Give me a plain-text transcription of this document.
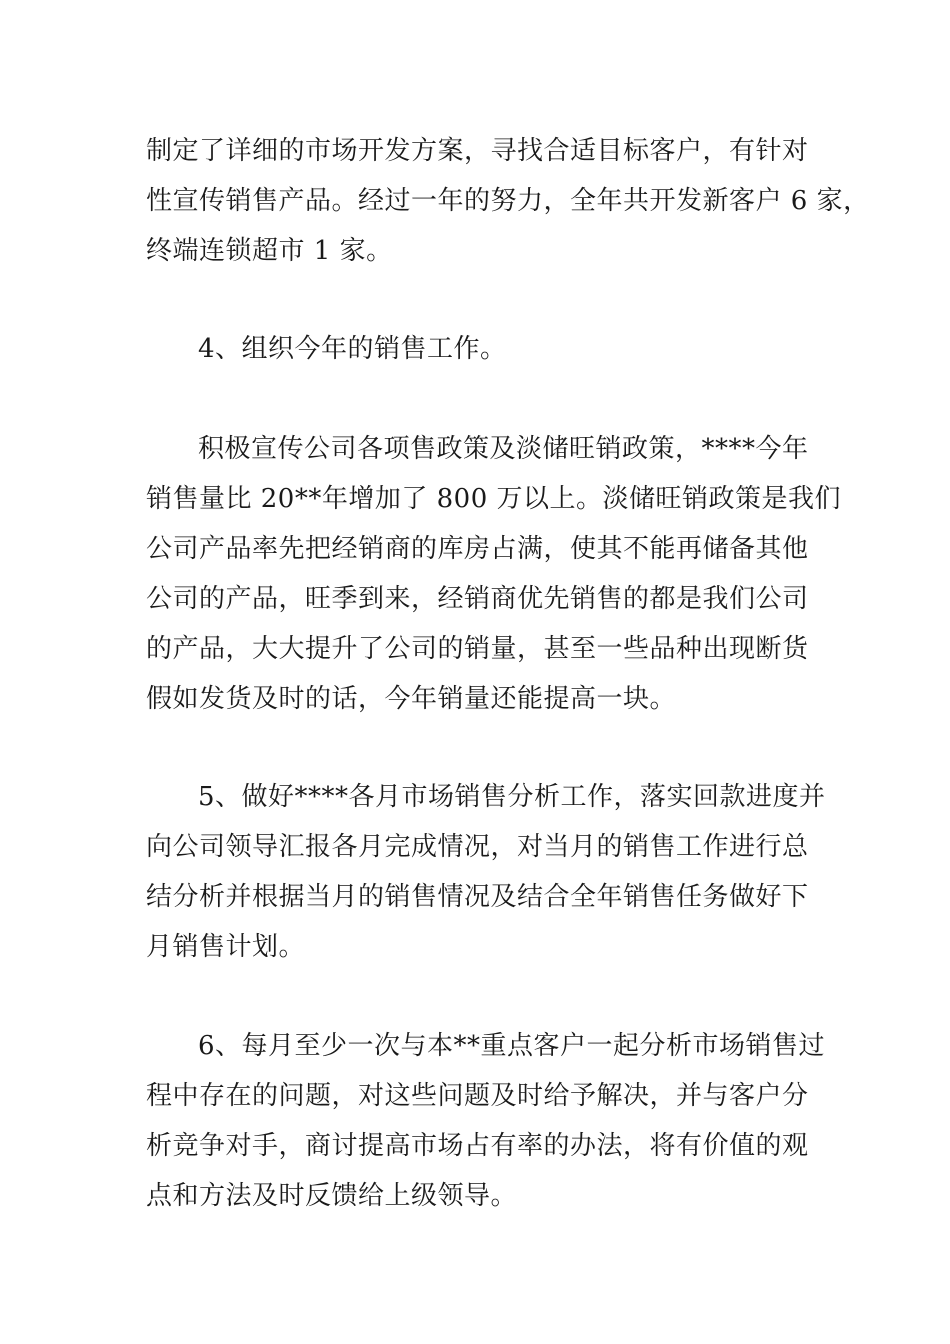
制定了详细的市场开发方案，寻找合适目标客户，有针对
性宣传销售产品。经过一年的努力，全年共开发新客户 6 家，
终端连锁超市 1 家。

4、组织今年的销售工作。

积极宣传公司各项售政策及淡储旺销政策，****今年
销售量比 20**年增加了 800 万以上。淡储旺销政策是我们
公司产品率先把经销商的库房占满，使其不能再储备其他
公司的产品，旺季到来，经销商优先销售的都是我们公司
的产品，大大提升了公司的销量，甚至一些品种出现断货
假如发货及时的话，今年销量还能提高一块。

5、做好****各月市场销售分析工作，落实回款进度并
向公司领导汇报各月完成情况，对当月的销售工作进行总
结分析并根据当月的销售情况及结合全年销售任务做好下
月销售计划。

6、每月至少一次与本**重点客户一起分析市场销售过
程中存在的问题，对这些问题及时给予解决，并与客户分
析竞争对手，商讨提高市场占有率的办法，将有价值的观
点和方法及时反馈给上级领导。
